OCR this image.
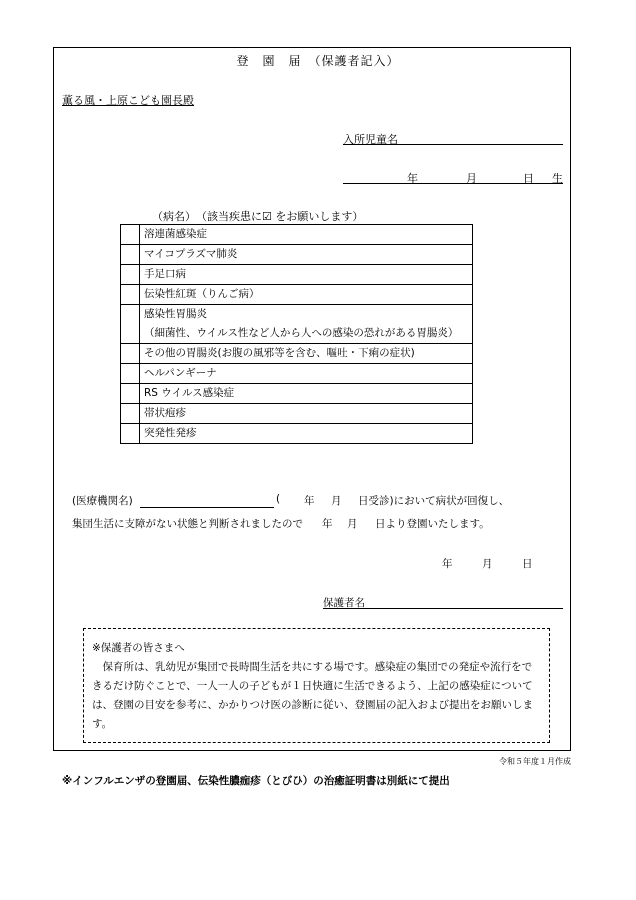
登　園　届　（保護者記入）
薫る風・上原こども園長殿
入所児童名
年	月	日 生
（病名）　（該当疾患に☑ をお願いします）
	溶連菌感染症
	マイコプラズマ肺炎
	手足口病
	伝染性紅斑（りんご病）

	感染性胃腸炎
（細菌性、ウイルス性など人から人への感染の恐れがある胃腸炎）

	その他の胃腸炎(お腹の風邪等を含む、嘔吐・下痢の症状)
	ヘルパンギーナ
	RS ウイルス感染症
	帯状疱疹
	突発性発疹
(医療機関名)	( 年 月 日受診)において病状が回復し、
集団生活に支障がない状態と判断されましたので 年 月 日より登園いたします。
年	月	日
保護者名
※保護者の皆さまへ
保育所は、乳幼児が集団で長時間生活を共にする場です。感染症の集団での発症や流行をできるだけ防ぐことで、一人一人の子どもが１日快適に生活できるよう、上記の感染症については、登園の目安を参考に、かかりつけ医の診断に従い、登園届の記入および提出をお願いします。
令和５年度１月作成
※インフルエンザの登園届、伝染性膿痂疹（とびひ）の治癒証明書は別紙にて提出
